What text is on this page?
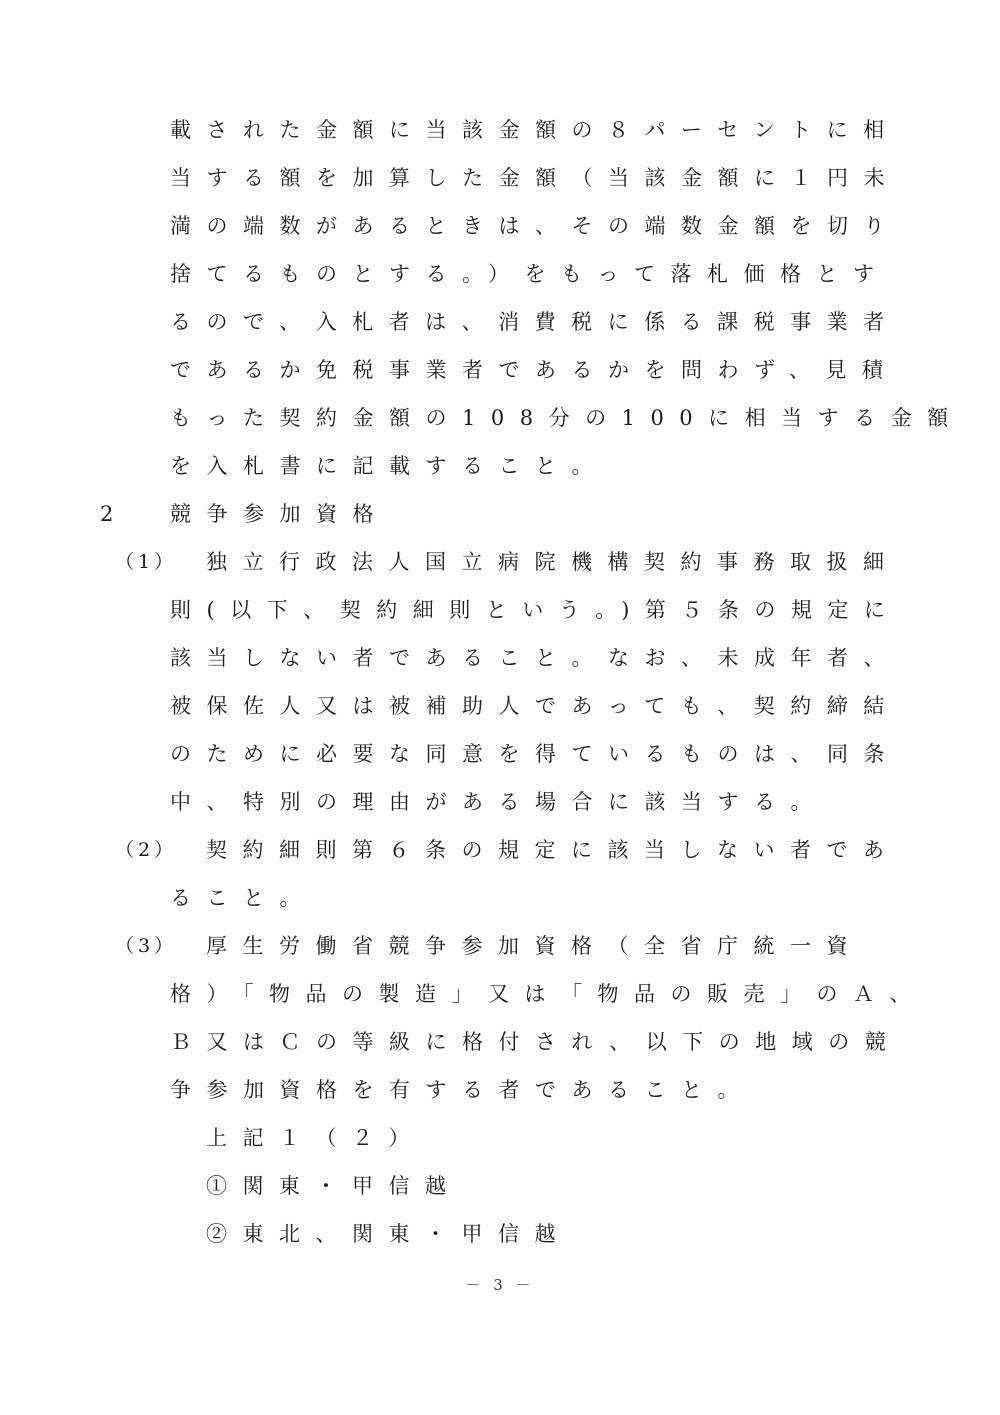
載された金額に当該金額の８パーセントに相
当する額を加算した金額（当該金額に１円未
満の端数があるときは、その端数金額を切り
捨てるものとする。）をもって落札価格とす
るので、入札者は、消費税に係る課税事業者
であるか免税事業者であるかを問わず、見積
もった契約金額の108分の100に相当する金額
を入札書に記載すること。
2 競争参加資格
（1） 独立行政法人国立病院機構契約事務取扱細
則(以下、契約細則という。)第５条の規定に
該当しない者であること。なお、未成年者、
被保佐人又は被補助人であっても、契約締結
のために必要な同意を得ているものは、同条
中、特別の理由がある場合に該当する。
（2） 契約細則第６条の規定に該当しない者であ
ること。
（3） 厚生労働省競争参加資格（全省庁統一資
格）「物品の製造」又は「物品の販売」のＡ、
Ｂ又はＣの等級に格付され、以下の地域の競
争参加資格を有する者であること。
上記１（２）
①関東・甲信越
②東北、関東・甲信越
－ 3 －
